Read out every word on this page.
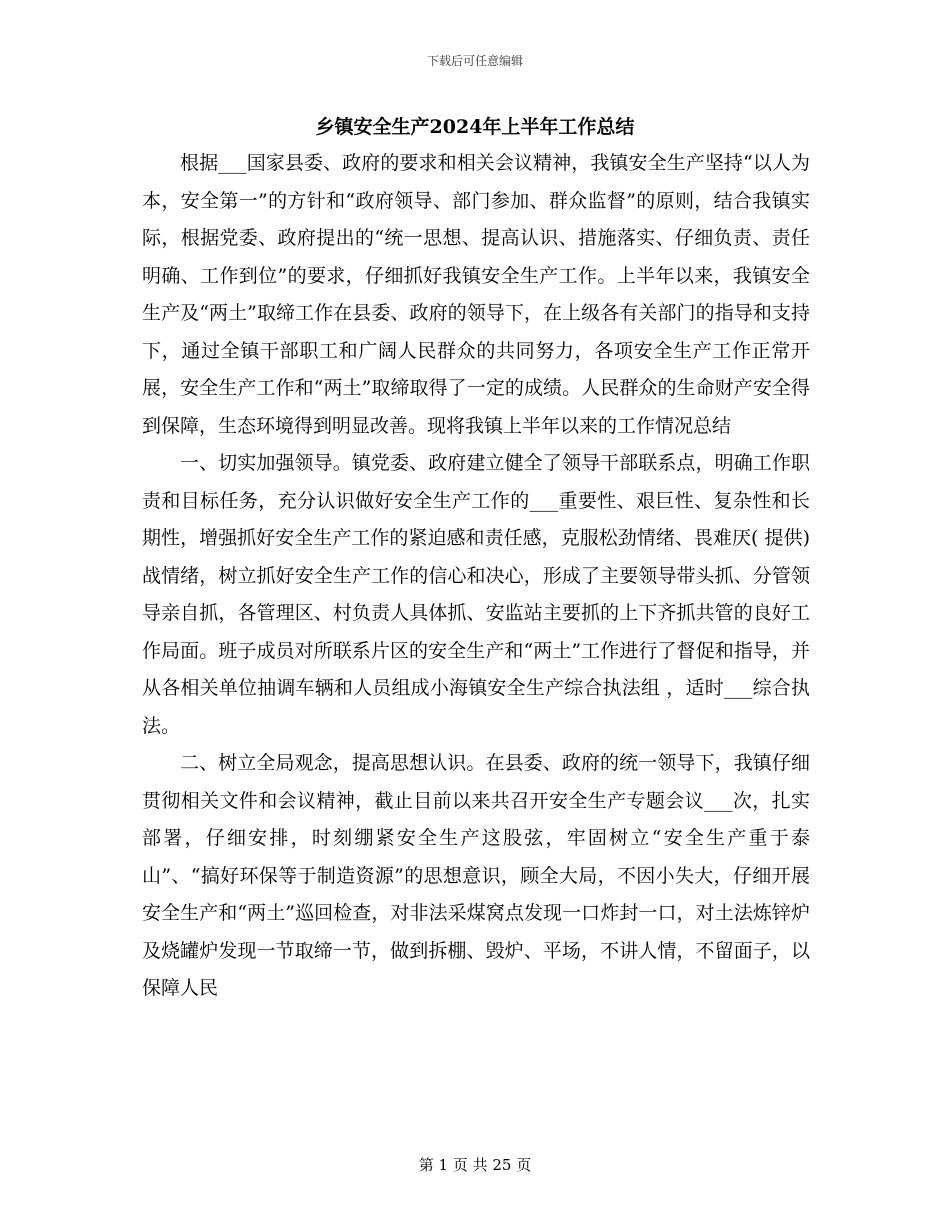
下载后可任意编辑
乡镇安全生产2024年上半年工作总结

根据___国家县委、政府的要求和相关会议精神，我镇安全生产坚持“以人为本，安全第一”的方针和“政府领导、部门参加、群众监督”的原则，结合我镇实际，根据党委、政府提出的“统一思想、提高认识、措施落实、仔细负责、责任明确、工作到位”的要求，仔细抓好我镇安全生产工作。上半年以来，我镇安全生产及“两土”取缔工作在县委、政府的领导下，在上级各有关部门的指导和支持下，通过全镇干部职工和广阔人民群众的共同努力，各项安全生产工作正常开展，安全生产工作和“两土”取缔取得了一定的成绩。人民群众的生命财产安全得到保障，生态环境得到明显改善。现将我镇上半年以来的工作情况总结

一、切实加强领导。镇党委、政府建立健全了领导干部联系点，明确工作职责和目标任务，充分认识做好安全生产工作的___重要性、艰巨性、复杂性和长期性，增强抓好安全生产工作的紧迫感和责任感，克服松劲情绪、畏难厌( 提供)战情绪，树立抓好安全生产工作的信心和决心，形成了主要领导带头抓、分管领导亲自抓，各管理区、村负责人具体抓、安监站主要抓的上下齐抓共管的良好工作局面。班子成员对所联系片区的安全生产和“两土”工作进行了督促和指导，并从各相关单位抽调车辆和人员组成小海镇安全生产综合执法组 ，适时___综合执法。

二、树立全局观念，提高思想认识。在县委、政府的统一领导下，我镇仔细贯彻相关文件和会议精神，截止目前以来共召开安全生产专题会议___次，扎实部署，仔细安排，时刻绷紧安全生产这股弦，牢固树立“安全生产重于泰山”、“搞好环保等于制造资源”的思想意识，顾全大局，不因小失大，仔细开展安全生产和“两土”巡回检查，对非法采煤窝点发现一口炸封一口，对土法炼锌炉及烧罐炉发现一节取缔一节，做到拆棚、毁炉、平场，不讲人情，不留面子，以保障人民

第 1 页 共 25 页
